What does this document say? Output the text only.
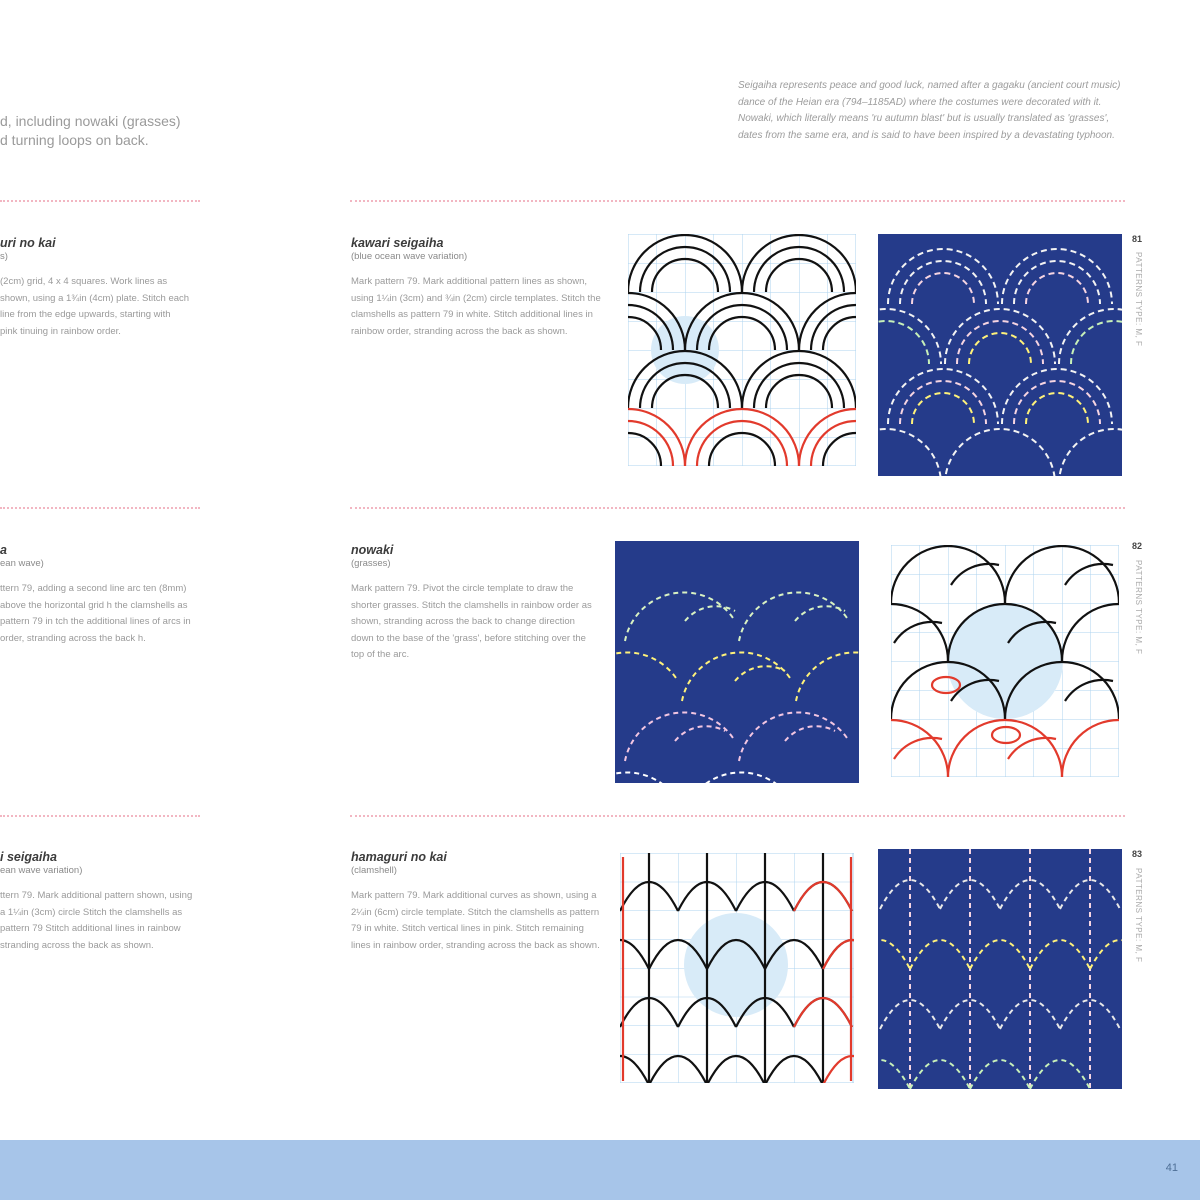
d, including nowaki (grasses)
d turning loops on back.
Seigaiha represents peace and good luck, named after a gagaku (ancient court music) dance of the Heian era (794–1185AD) where the costumes were decorated with it. Nowaki, which literally means 'ru autumn blast' but is usually translated as 'grasses', dates from the same era, and is said to have been inspired by a devastating typhoon.
uri no kai
s)
(2cm) grid, 4 x 4 squares. Work lines as shown, using a 1¾in (4cm) plate. Stitch each line from the edge upwards, starting with pink tinuing in rainbow order.
a
ean wave)
ttern 79, adding a second line arc ten (8mm) above the horizontal grid h the clamshells as pattern 79 in tch the additional lines of arcs in order, stranding across the back h.
i seigaiha
ean wave variation)
ttern 79. Mark additional pattern shown, using a 1¼in (3cm) circle Stitch the clamshells as pattern 79 Stitch additional lines in rainbow stranding across the back as shown.
kawari seigaiha
(blue ocean wave variation)
Mark pattern 79. Mark additional pattern lines as shown, using 1¼in (3cm) and ¾in (2cm) circle templates. Stitch the clamshells as pattern 79 in white. Stitch additional lines in rainbow order, stranding across the back as shown.
nowaki
(grasses)
Mark pattern 79. Pivot the circle template to draw the shorter grasses. Stitch the clamshells in rainbow order as shown, stranding across the back to change direction down to the base of the 'grass', before stitching over the top of the arc.
hamaguri no kai
(clamshell)
Mark pattern 79. Mark additional curves as shown, using a 2¼in (6cm) circle template. Stitch the clamshells as pattern 79 in white. Stitch vertical lines in pink. Stitch remaining lines in rainbow order, stranding across the back as shown.
81
PATTERNS TYPE: M, F
82
PATTERNS TYPE: M, F
83
PATTERNS TYPE: M, F
41
